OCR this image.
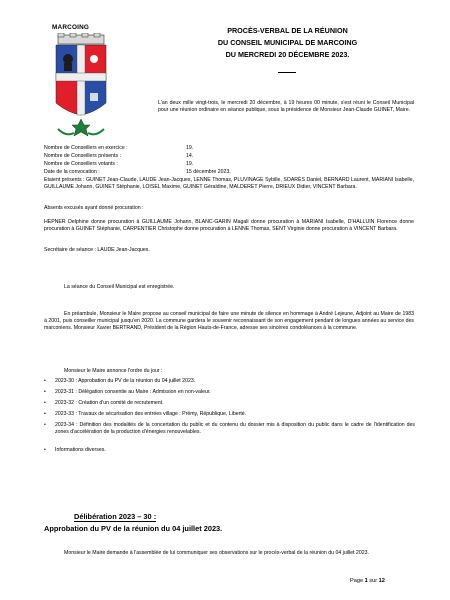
MARCOING	PROCÈS-VERBAL DE LA RÉUNION
DU CONSEIL MUNICIPAL DE MARCOING
DU MERCREDI 20 DÉCEMBRE 2023.
L'an deux mille vingt-trois, le mercredi 20 décembre, à 19 heures 00 minute, s'est réuni le Conseil Municipal pour une réunion ordinaire en séance publique, sous la présidence de Monsieur Jean-Claude GUINET, Maire.
Nombre de Conseillers en exercice :	19.
Nombre de Conseillers présents :	14.
Nombre de Conseillers votants :	19.
Date de la convocation :	15 décembre 2023.
Etaient présents : GUINET Jean-Claude, LAUDE Jean-Jacques, LENNE Thomas, PLUVINAGE Sybille, SOARÈS Daniel, BERNARD Laurent, MARIANI Isabelle, GUILLAUME Johann, GUINET Stéphanie, LOISEL Maxime, GUINET Géraldine, MALDERET Pierre, DRIEUX Didier, VINCENT Barbara.
Absents excusés ayant donné procuration :
HEPNER Delphine donne procuration à GUILLAUME Johann, BLANC-GARIN Magali donne procuration à MARIANI Isabelle, D'HALLUIN Florence donne procuration à GUINET Stéphanie, CARPENTIER Christophe donne procuration à LENNE Thomas, SENT Virginie donne procuration à VINCENT Barbara.
Secrétaire de séance : LAUDE Jean-Jacques.
La séance du Conseil Municipal est enregistrée.
En préambule, Monsieur le Maire propose au conseil municipal de faire une minute de silence en hommage à André Lejeune, Adjoint au Maire de 1983 à 2001, puis conseiller municipal jusqu'en 2020. La commune gardera le souvenir reconnaissant de son engagement pendant de longues années au service des marconiens. Monsieur Xavier BERTRAND, Président de la Région Hauts-de-France, adresse ses sincères condoléances à la commune.
Monsieur le Maire annonce l'ordre du jour :
• 2023-30 : Approbation du PV de la réunion du 04 juillet 2023.
• 2023-31 : Délégation consentie au Maire : Admission en non-valeur.
• 2023-32 : Création d'un comité de recrutement.
• 2023-33 : Travaux de sécurisation des entrées village : Prémy, République, Liberté.
• 2023-34 : Définition des modalités de la concertation du public et du contenu du dossier mis à disposition du public dans le cadre de l'identification des zones d'accélération de la production d'énergies renouvelables.
• Informations diverses.
Délibération 2023 – 30 :
Approbation du PV de la réunion du 04 juillet 2023.
Monsieur le Maire demande à l'assemblée de lui communiquer ses observations sur le procès-verbal de la réunion du 04 juillet 2023.
Page 1 sur 12
